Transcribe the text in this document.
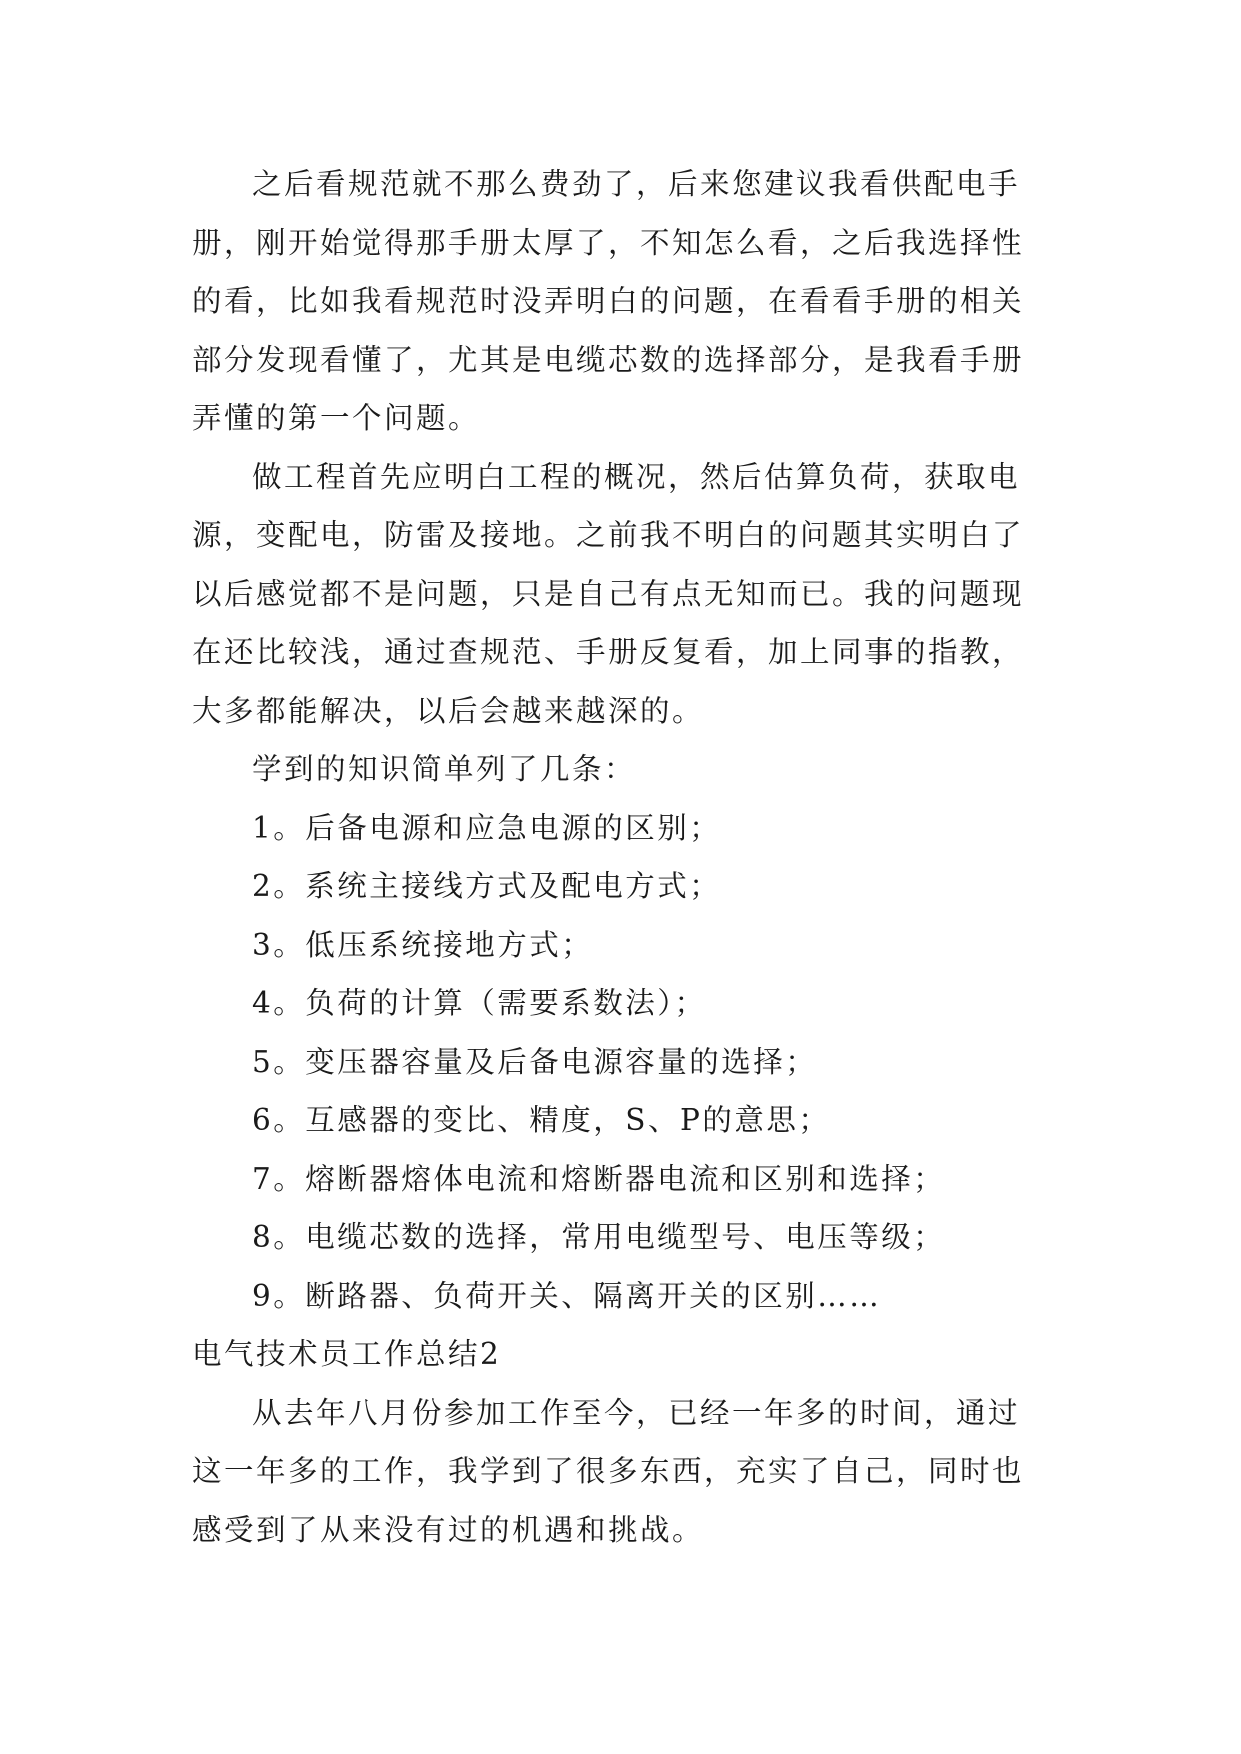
之后看规范就不那么费劲了，后来您建议我看供配电手
册，刚开始觉得那手册太厚了，不知怎么看，之后我选择性
的看，比如我看规范时没弄明白的问题，在看看手册的相关
部分发现看懂了，尤其是电缆芯数的选择部分，是我看手册
弄懂的第一个问题。
做工程首先应明白工程的概况，然后估算负荷，获取电
源，变配电，防雷及接地。之前我不明白的问题其实明白了
以后感觉都不是问题，只是自己有点无知而已。我的问题现
在还比较浅，通过查规范、手册反复看，加上同事的指教，
大多都能解决，以后会越来越深的。
学到的知识简单列了几条：
1。后备电源和应急电源的区别；
2。系统主接线方式及配电方式；
3。低压系统接地方式；
4。负荷的计算（需要系数法）；
5。变压器容量及后备电源容量的选择；
6。互感器的变比、精度，S、P的意思；
7。熔断器熔体电流和熔断器电流和区别和选择；
8。电缆芯数的选择，常用电缆型号、电压等级；
9。断路器、负荷开关、隔离开关的区别……
电气技术员工作总结2
从去年八月份参加工作至今，已经一年多的时间，通过
这一年多的工作，我学到了很多东西，充实了自己，同时也
感受到了从来没有过的机遇和挑战。
